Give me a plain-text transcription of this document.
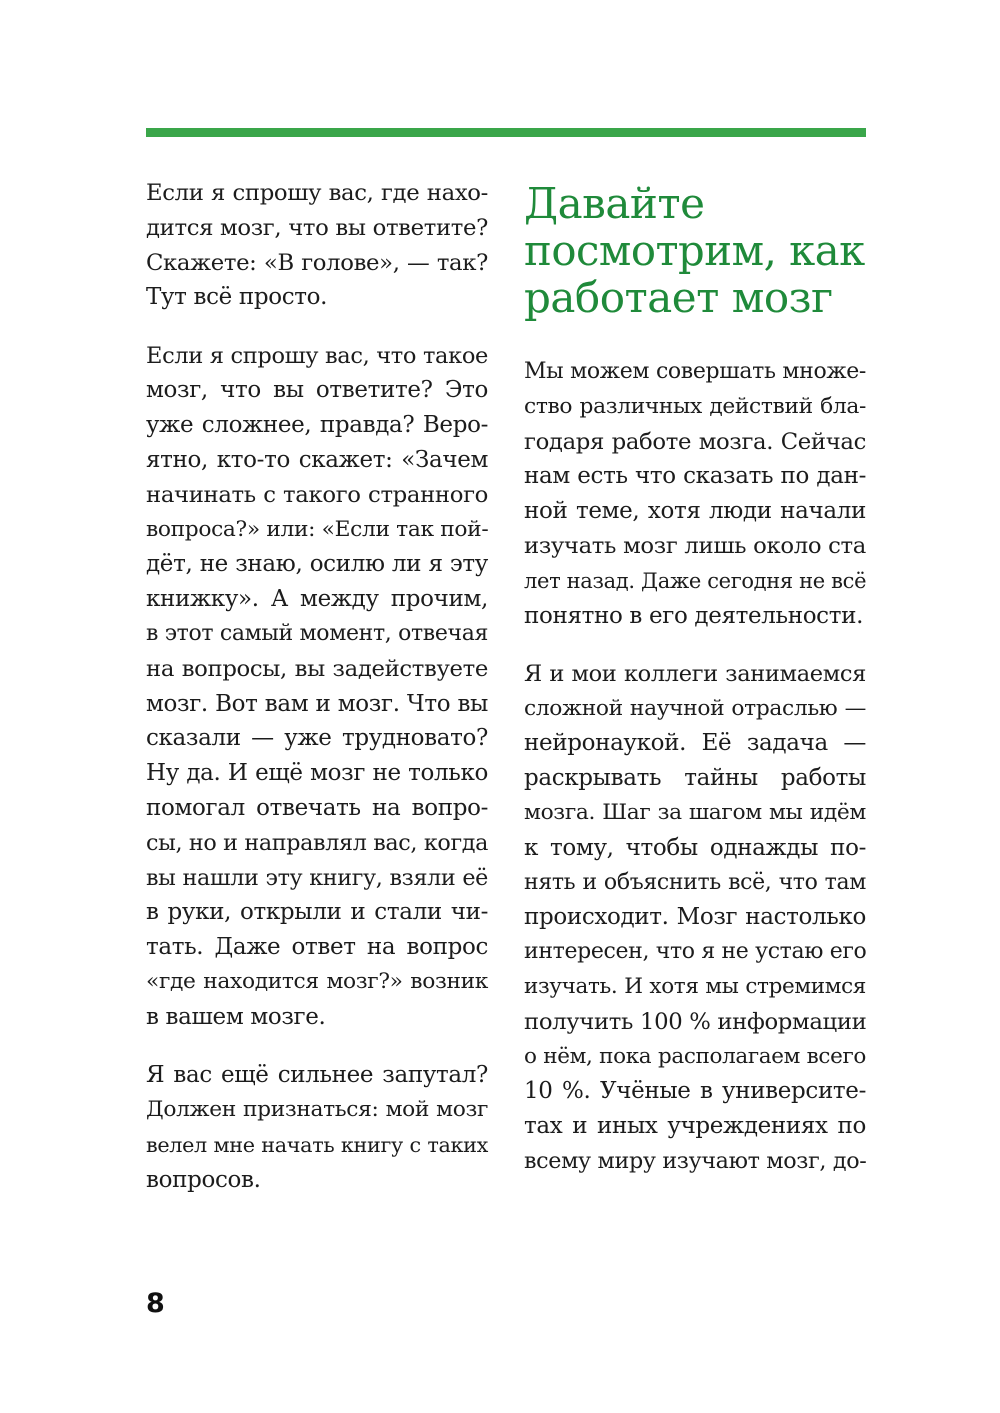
Если я спрошу вас, где нахо-
дится мозг, что вы ответите?
Скажете: «В голове», — так?
Тут всё просто.
Если я спрошу вас, что такое
мозг, что вы ответите? Это
уже сложнее, правда? Веро-
ятно, кто-то скажет: «Зачем
начинать с такого странного
вопроса?» или: «Если так пой-
дёт, не знаю, осилю ли я эту
книжку». А между прочим,
в этот самый момент, отвечая
на вопросы, вы задействуете
мозг. Вот вам и мозг. Что вы
сказали — уже трудновато?
Ну да. И ещё мозг не только
помогал отвечать на вопро-
сы, но и направлял вас, когда
вы нашли эту книгу, взяли её
в руки, открыли и стали чи-
тать. Даже ответ на вопрос
«где находится мозг?» возник
в вашем мозге.
Я вас ещё сильнее запутал?
Должен признаться: мой мозг
велел мне начать книгу с таких
вопросов.
Давайте
посмотрим, как
работает мозг
Мы можем совершать множе-
ство различных действий бла-
годаря работе мозга. Сейчас
нам есть что сказать по дан-
ной теме, хотя люди начали
изучать мозг лишь около ста
лет назад. Даже сегодня не всё
понятно в его деятельности.
Я и мои коллеги занимаемся
сложной научной отраслью —
нейронаукой. Её задача —
раскрывать тайны работы
мозга. Шаг за шагом мы идём
к тому, чтобы однажды по-
нять и объяснить всё, что там
происходит. Мозг настолько
интересен, что я не устаю его
изучать. И хотя мы стремимся
получить 100 % информации
о нём, пока располагаем всего
10 %. Учёные в университе-
тах и иных учреждениях по
всему миру изучают мозг, до-
8
